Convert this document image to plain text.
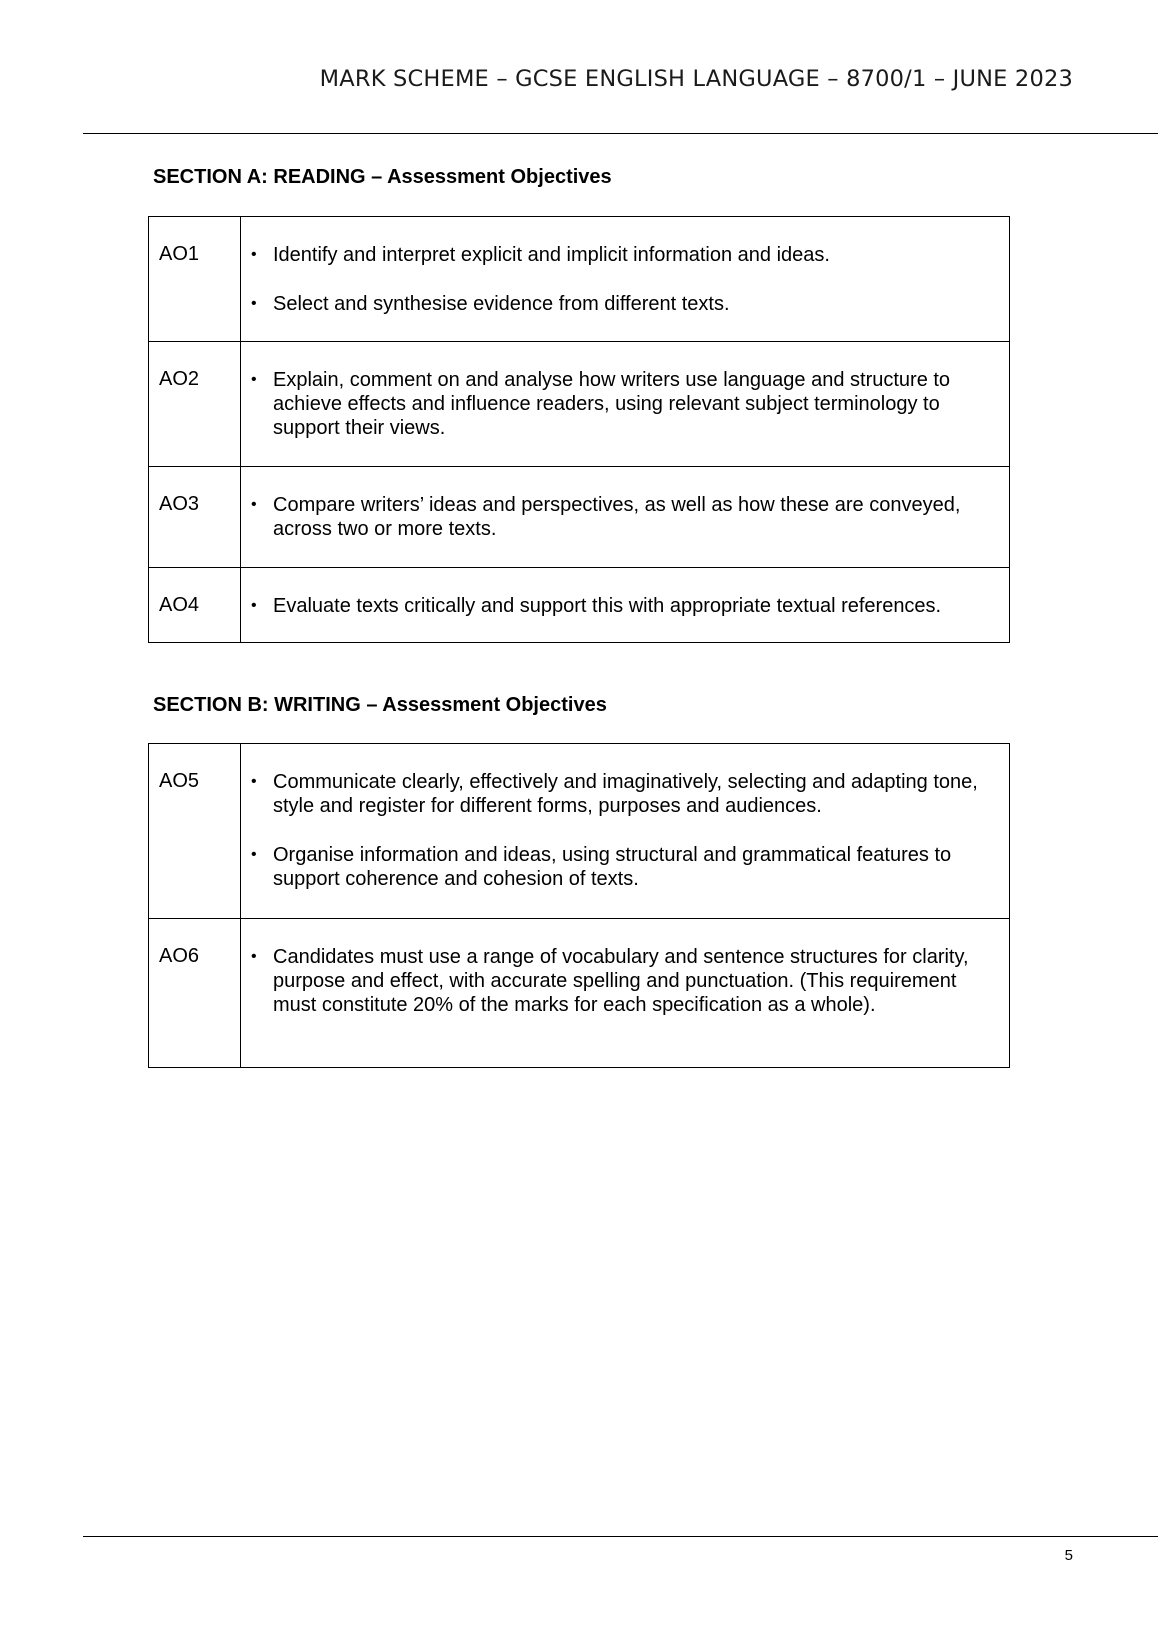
MARK SCHEME – GCSE ENGLISH LANGUAGE – 8700/1 – JUNE 2023
SECTION A: READING – Assessment Objectives
AO1	• Identify and interpret explicit and implicit information and ideas.
• Select and synthesise evidence from different texts.

AO2	• Explain, comment on and analyse how writers use language and structure to achieve effects and influence readers, using relevant subject terminology to support their views.

AO3	• Compare writers’ ideas and perspectives, as well as how these are conveyed, across two or more texts.

AO4	• Evaluate texts critically and support this with appropriate textual references.
SECTION B: WRITING – Assessment Objectives
AO5	• Communicate clearly, effectively and imaginatively, selecting and adapting tone, style and register for different forms, purposes and audiences.
• Organise information and ideas, using structural and grammatical features to support coherence and cohesion of texts.

AO6	• Candidates must use a range of vocabulary and sentence structures for clarity, purpose and effect, with accurate spelling and punctuation. (This requirement must constitute 20% of the marks for each specification as a whole).
5
